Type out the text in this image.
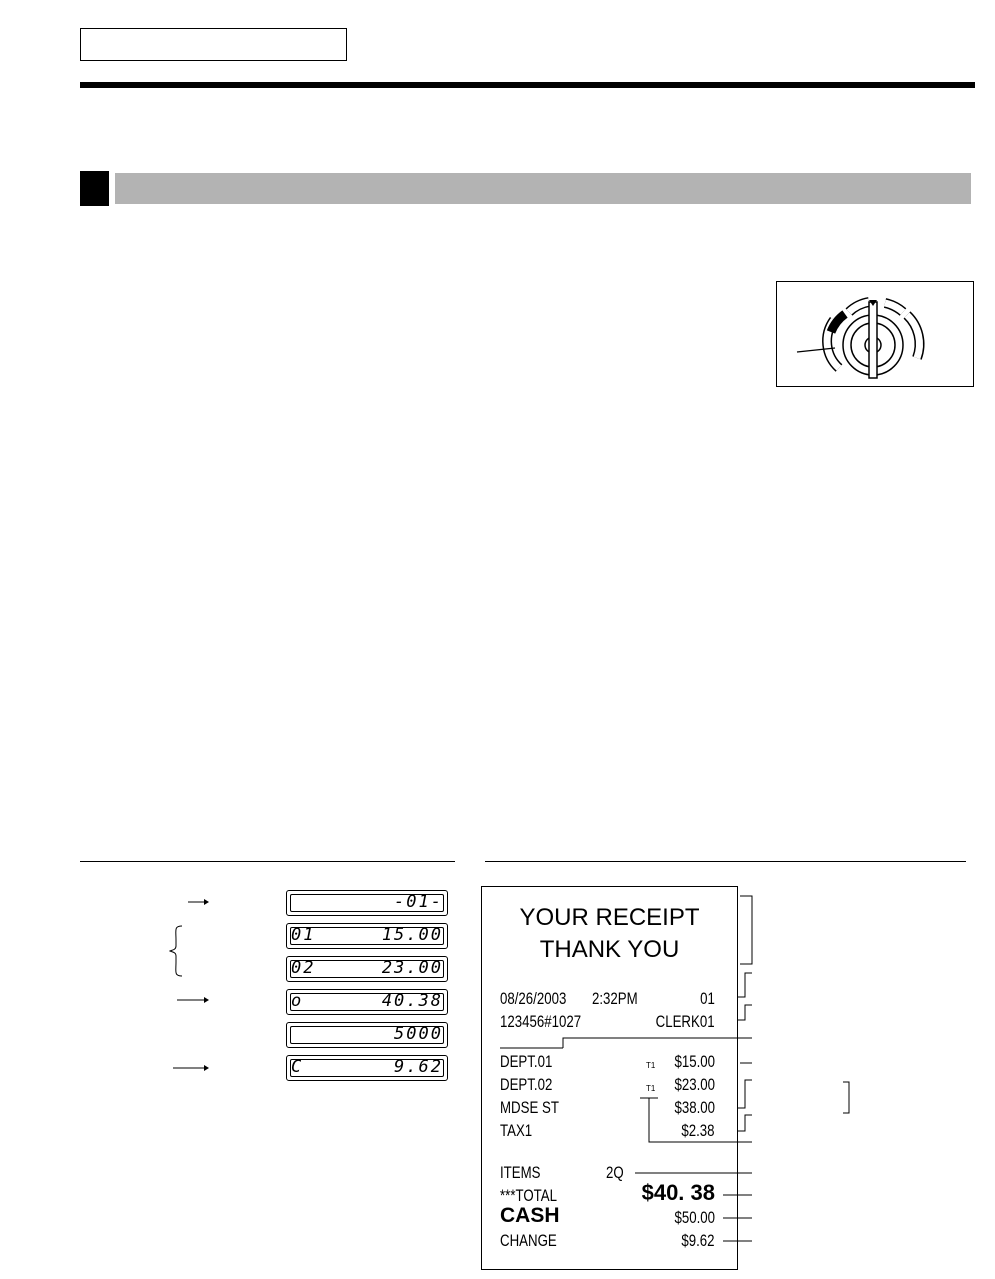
-01-
01	15.00
02	23.00
o	40.38
5000
C	9.62
YOUR RECEIPT
THANK YOU
08/26/2003 2:32PM	01
123456#1027	CLERK01
DEPT.01	T1 $15.00
DEPT.02	T1 $23.00
MDSE ST	$38.00
TAX1	$2.38
ITEMS	2Q
***TOTAL	$40. 38
CASH	$50.00
CHANGE	$9.62
